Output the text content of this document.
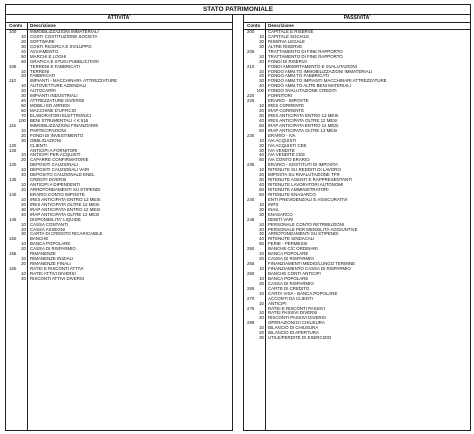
STATO PATRIMONIALE
ATTIVITA'
Conto Descrizione
100	IMMOBILIZZAZIONI IMMATERIALI
10 COSTI COSTITUZIONE SOCIETA
20 SOFTWARE
30 COSTI RICERCA E SVILUPPO
40 AVVIAMENTO
50 MARCHI E LOGHI
60 GRAFICA E STUDI PUBBLICITARI
105	TERRENI E FABBRICATI
10 TERRENI
20 FABBRICATI
110	IMPIANTI - MACCHINARI- ATTREZZATURE
10 AUTOVETTURE AZIENDALI
20 AUTOCARRI
30 IMPIANTI INDUSTRIALI
40 ATTREZZATURE DIVERSE
50 MOBILI ED ARREDI
60 MACCHINE D'UFFICIO
70 ELABORATORI ELETTRONICI
100 BENI STRUMENTALI < € 516
115	IMMOBILIZZAZIONI FINANZIARIE
10 PARTECIPAZIONI
20 FONDI DI INVESTIMENTO
30 OBBLIGAZIONI
120	CLIENTI
125	ANTICIPI A FORNITORI
10 ANTICIPI PER ACQUISTI
20 CAPARRE CONFIRMATORIE
130	DEPOSITI CAUZIONALI
10 DEPOSITI CAUZIONALI VARI
20 DEPOSITO CAUZIONALE ENEL
135	CREDITI DIVERSI
10 ANTICIPI A DIPENDENTI
20 ARROTONDAMENTI SU STIPENDI
140	ERARIO CONTO IMPOSTE
10 IRES ANTICIPATA ENTRO 12 MESI
20 IRES ANTICIPATA OLTRE 12 MESI
30 IRAP ANTICIPATA ENTRO 12 MESI
40 IRAP ANTICIPATA OLTRE 12 MESI
145	DISPONIBILITA' LIQUIDE
10 CASSA CONTANTI
20 CASSA ASSEGNI
30 CARTA DI CREDITO RICARICABILE
150	BANCHE
10 BANCA POPOLARE
20 CASSA DI RISPARMIO
155	RIMANENZE
10 RIMANENZE INIZIALI
20 RIMANENZE FINALI
160	RATEI E RISCONTI ATTIVI
10 RATEI ATTIVI DIVERSI
20 RISCONTI ATTIVI DIVERSI
PASSIVITA'
Conto Descrizione
200	CAPITALE E RISERVE
10 CAPITALE SOCIALE
20 RISERVA LEGALE
30 ALTRE RISERVE
205	TRATTAMENTO DI FINE RAPPORTO
10 TRATTAMENTO DI FINE RAPPORTO
20 FONDI DI RISERVA
210	FONDI AMMORTAMENTO E SVALUTAZIONI
10 FONDO AMM.TO IMMOBILIZZAZIONI IMMATERIALI
20 FONDO AMM.TO FABBRICATI
30 FONDO AMM.TO IMPIANTI MACCHINARI ATTREZZATURE
40 FONDO AMM.TO ALTRI BENI MATERIALI
100 FONDO SVALUTAZIONE CREDITI
220	FORNITORI
225	ERARIO - IMPOSTE
10 IRES CORRENTE
20 IRAP CORRENTE
30 IRES ANTICIPATA ENTRO 12 MESI
40 IRES ANTICIPATA OLTRE 12 MESI
50 IRAP ANTICIPATA ENTRO 12 MESI
60 IRAP ANTICIPATA OLTRE 12 MESI
230	ERARIO - IVA
10 IVA ACQUISTI
20 IVA ACQUISTI CEE
30 IVA VENDITE
40 IVA VENDITE CEE
50 IVA CONTO ERARIO
235	ERARIO - SOSTITUTI DI IMPOSTA
10 RITENUTE SU REDDITI DI LAVORO
20 IMPOSTA SU RIVALUTAZIONE TFR
30 RITENUTE AGENTI E RAPPRESENTANTI
40 RITENUTE LAVORATORI AUTONOMI
50 RITENUTE AMMINISTRATORI
60 RITENUTE ENASARCO
240	ENTI PREVIDENZIALI E ASSICURATIVI
10 INPS
20 INAIL
30 ENASARCO
245	DEBITI VARI
10 PERSONALE CONTO RETRIBUZIONI
20 PERSONALE PER MENSILITÀ AGGIUNTIVE
30 ARROTONDAMENTI SU STIPENDI
40 RITENUTE SINDACALI
50 FERIE - PERMESSI
250	BANCHE C/C ORDINARI
10 BANCA POPOLARE
20 CASSA DI RISPARMIO
255	FINANZIAMENTI MEDIO/LUNGO TERMINE
10 FINANZIAMENTO CASSA DI RISPARMIO
260	BANCHE CONTI ANTICIPI
10 BANCA POPOLARE
20 CASSA DI RISPARMIO
265	CARTE DI CREDITO
10 CARTA VISA - BANCA POPOLARE
270	ACCONTI DA CLIENTI
10 ANTICIPI
275	RATEI E RISCONTI PASSIVI
10 RATEI PASSIVI DIVERSI
20 RISCONTI PASSIVI DIVERSI
299	OPERAZIONI DI CHIUSURA
10 BILANCIO DI CHIUSURA
20 BILANCIO DI APERTURA
30 UTILE/PERDITE DI ESERCIZIO
